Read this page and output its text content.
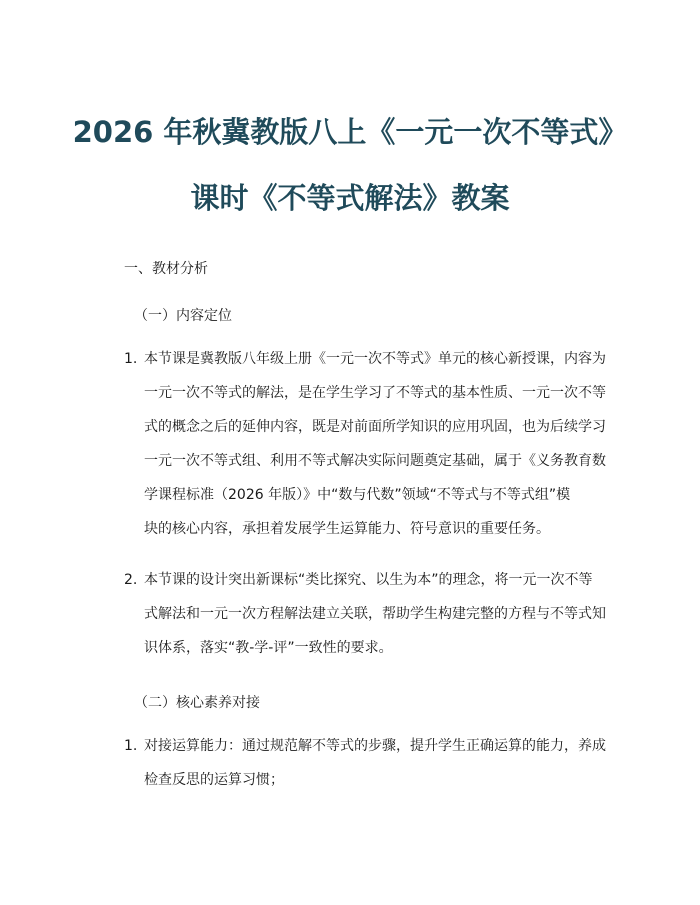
2026 年秋冀教版八上《一元一次不等式》
课时《不等式解法》教案
一、教材分析
（一）内容定位
1. 本节课是冀教版八年级上册《一元一次不等式》单元的核心新授课，内容为
一元一次不等式的解法，是在学生学习了不等式的基本性质、一元一次不等
式的概念之后的延伸内容，既是对前面所学知识的应用巩固，也为后续学习
一元一次不等式组、利用不等式解决实际问题奠定基础，属于《义务教育数
学课程标准（2026 年版）》中“数与代数”领域“不等式与不等式组”模
块的核心内容，承担着发展学生运算能力、符号意识的重要任务。
2. 本节课的设计突出新课标“类比探究、以生为本”的理念，将一元一次不等
式解法和一元一次方程解法建立关联，帮助学生构建完整的方程与不等式知
识体系，落实“教-学-评”一致性的要求。
（二）核心素养对接
1. 对接运算能力：通过规范解不等式的步骤，提升学生正确运算的能力，养成
检查反思的运算习惯；
